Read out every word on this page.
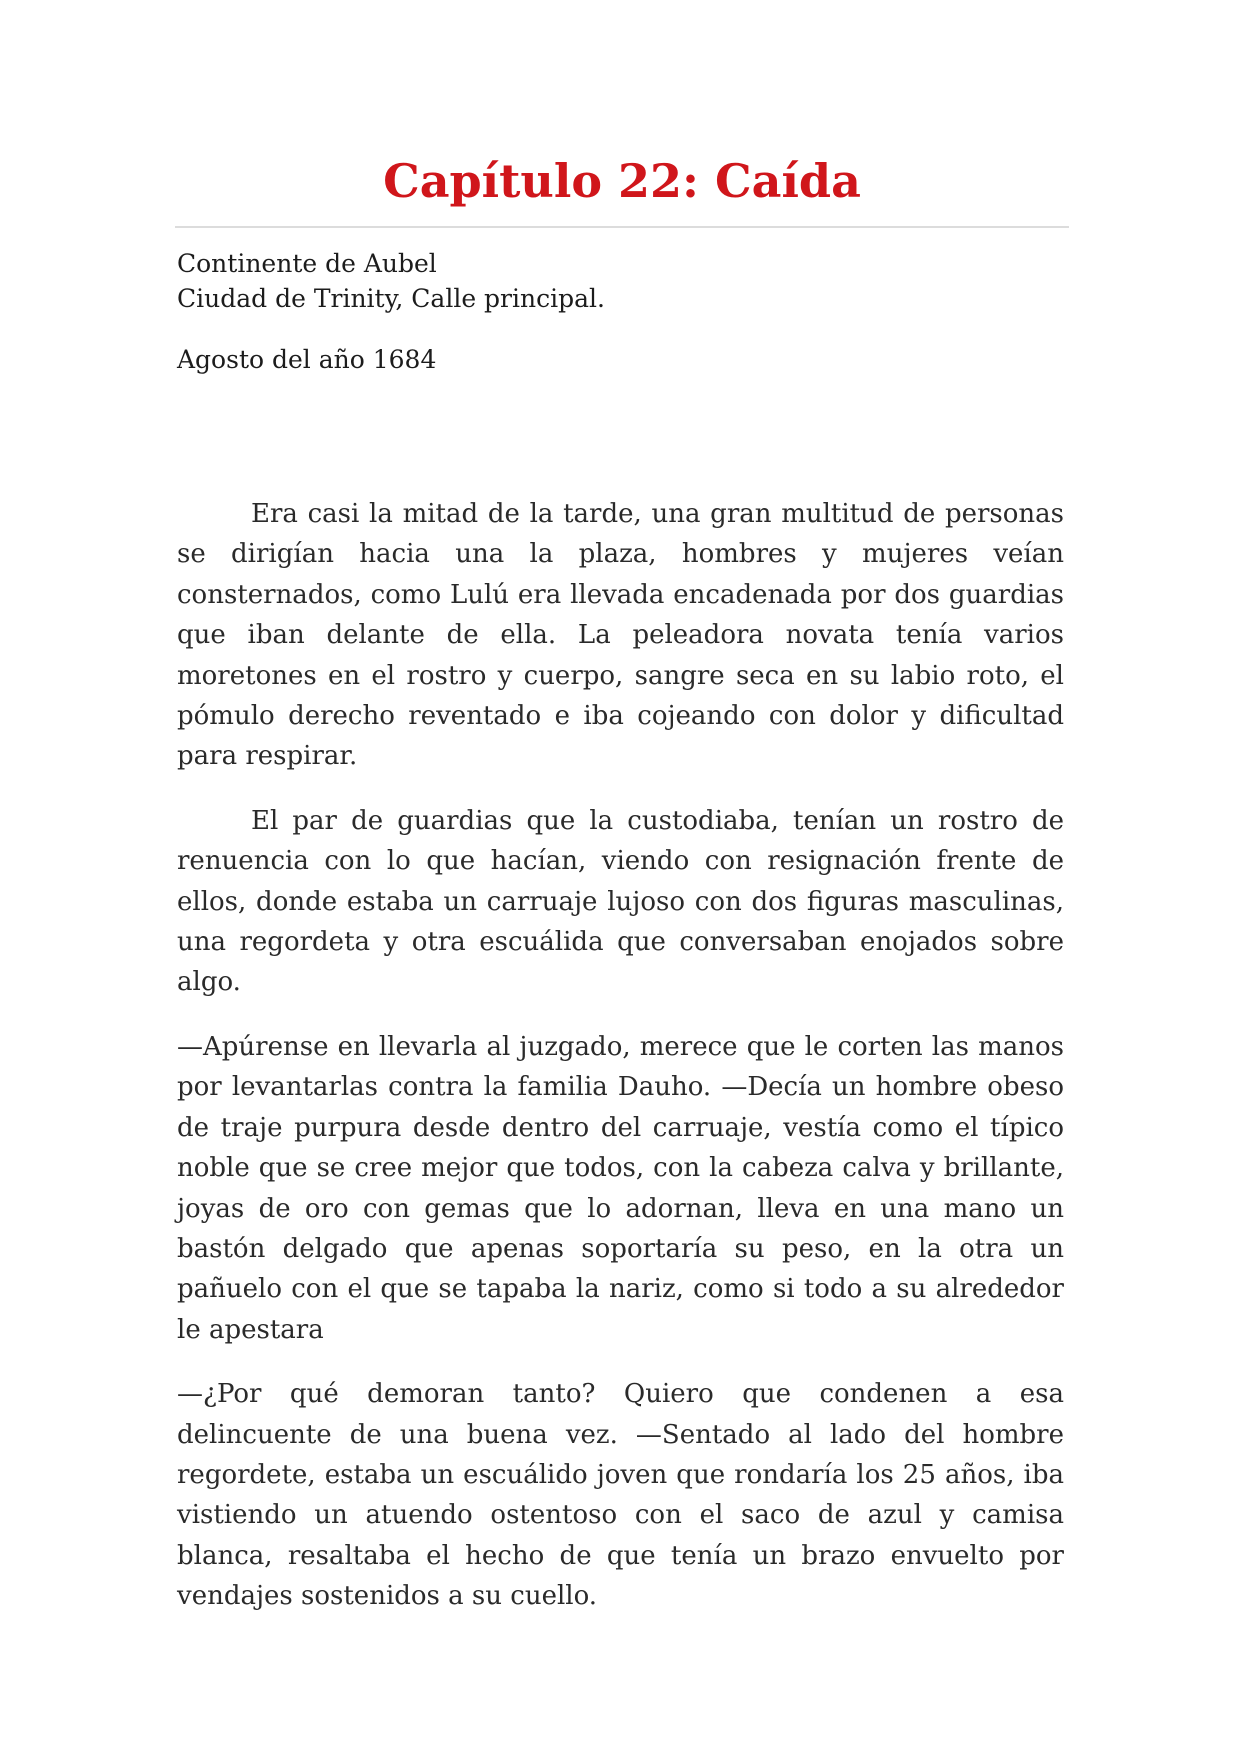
Capítulo 22: Caída
Continente de Aubel
Ciudad de Trinity, Calle principal.
Agosto del año 1684

Era casi la mitad de la tarde, una gran multitud de personas se dirigían hacia una la plaza, hombres y mujeres veían consternados, como Lulú era llevada encadenada por dos guardias que iban delante de ella. La peleadora novata tenía varios moretones en el rostro y cuerpo, sangre seca en su labio roto, el pómulo derecho reventado e iba cojeando con dolor y dificultad para respirar.

El par de guardias que la custodiaba, tenían un rostro de renuencia con lo que hacían, viendo con resignación frente de ellos, donde estaba un carruaje lujoso con dos figuras masculinas, una regordeta y otra escuálida que conversaban enojados sobre algo.

—Apúrense en llevarla al juzgado, merece que le corten las manos por levantarlas contra la familia Dauho. —Decía un hombre obeso de traje purpura desde dentro del carruaje, vestía como el típico noble que se cree mejor que todos, con la cabeza calva y brillante, joyas de oro con gemas que lo adornan, lleva en una mano un bastón delgado que apenas soportaría su peso, en la otra un pañuelo con el que se tapaba la nariz, como si todo a su alrededor le apestara

—¿Por qué demoran tanto? Quiero que condenen a esa delincuente de una buena vez. —Sentado al lado del hombre regordete, estaba un escuálido joven que rondaría los 25 años, iba vistiendo un atuendo ostentoso con el saco de azul y camisa blanca, resaltaba el hecho de que tenía un brazo envuelto por vendajes sostenidos a su cuello.
